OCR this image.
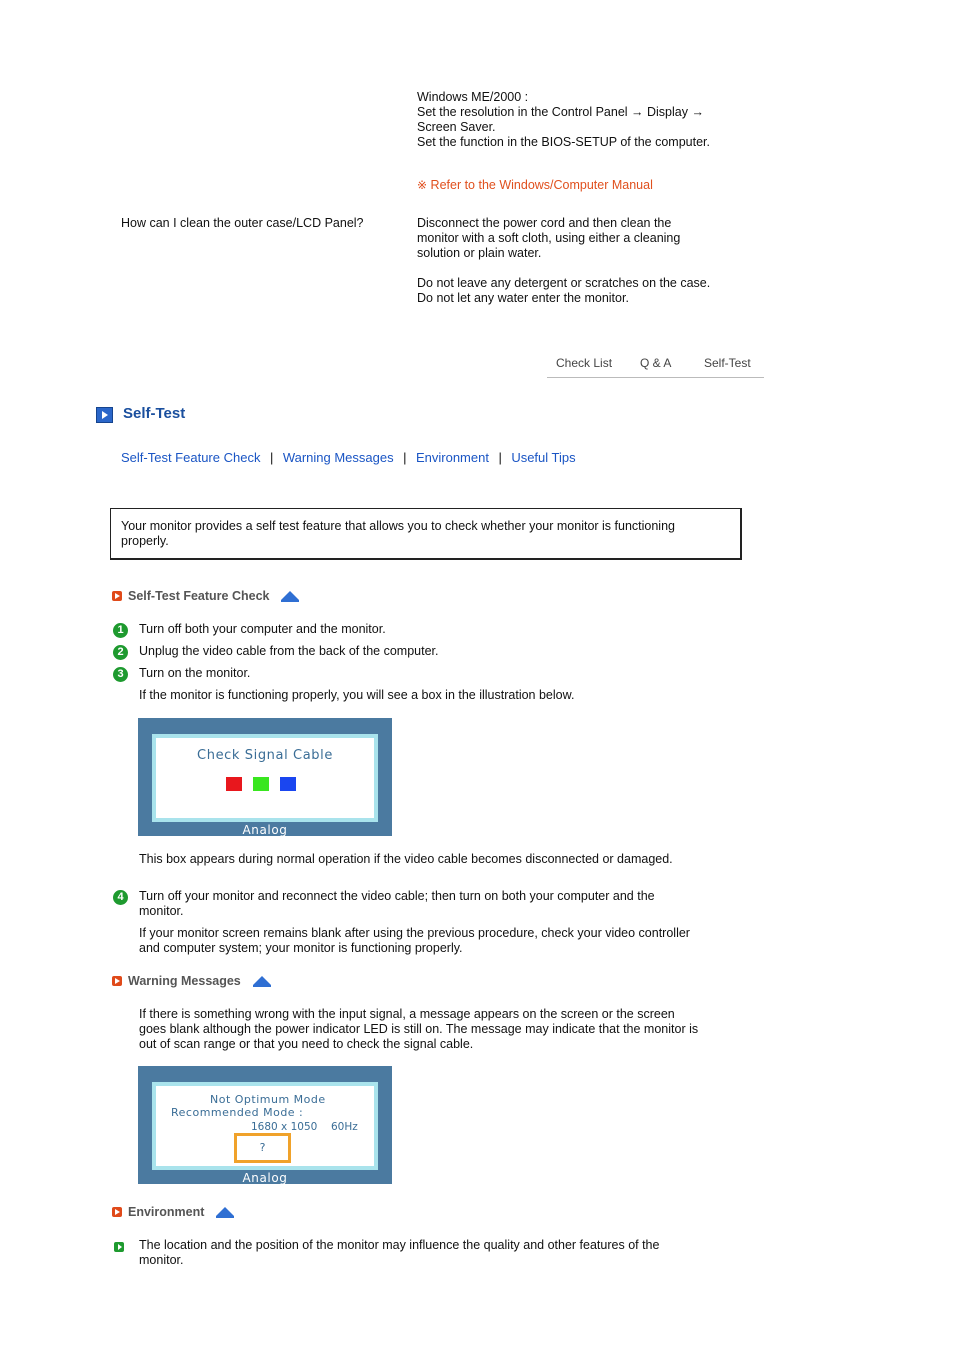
Windows ME/2000 :

Set the resolution in the Control Panel → Display →

Screen Saver.

Set the function in the BIOS-SETUP of the computer.

※ Refer to the Windows/Computer Manual
How can I clean the outer case/LCD Panel?	Disconnect the power cord and then clean the

monitor with a soft cloth, using either a cleaning

solution or plain water.

Do not leave any detergent or scratches on the case.

Do not let any water enter the monitor.

Check List Q & A	Self-Test
Self-Test
Self-Test Feature Check | Warning Messages | Environment | Useful Tips

Your monitor provides a self test feature that allows you to check whether your monitor is functioning

properly.

Self-Test Feature Check
1	Turn off both your computer and the monitor.
2	Unplug the video cable from the back of the computer.
3	Turn on the monitor.
If the monitor is functioning properly, you will see a box in the illustration below.
Check Signal Cable
Analog
This box appears during normal operation if the video cable becomes disconnected or damaged.
4	Turn off your monitor and reconnect the video cable; then turn on both your computer and the

monitor.

If your monitor screen remains blank after using the previous procedure, check your video controller

and computer system; your monitor is functioning properly.

Warning Messages

If there is something wrong with the input signal, a message appears on the screen or the screen

goes blank although the power indicator LED is still on. The message may indicate that the monitor is

out of scan range or that you need to check the signal cable.

Not Optimum Mode
Recommended Mode :
1680 x 1050 60Hz
?
Analog
Environment

The location and the position of the monitor may influence the quality and other features of the

monitor.
